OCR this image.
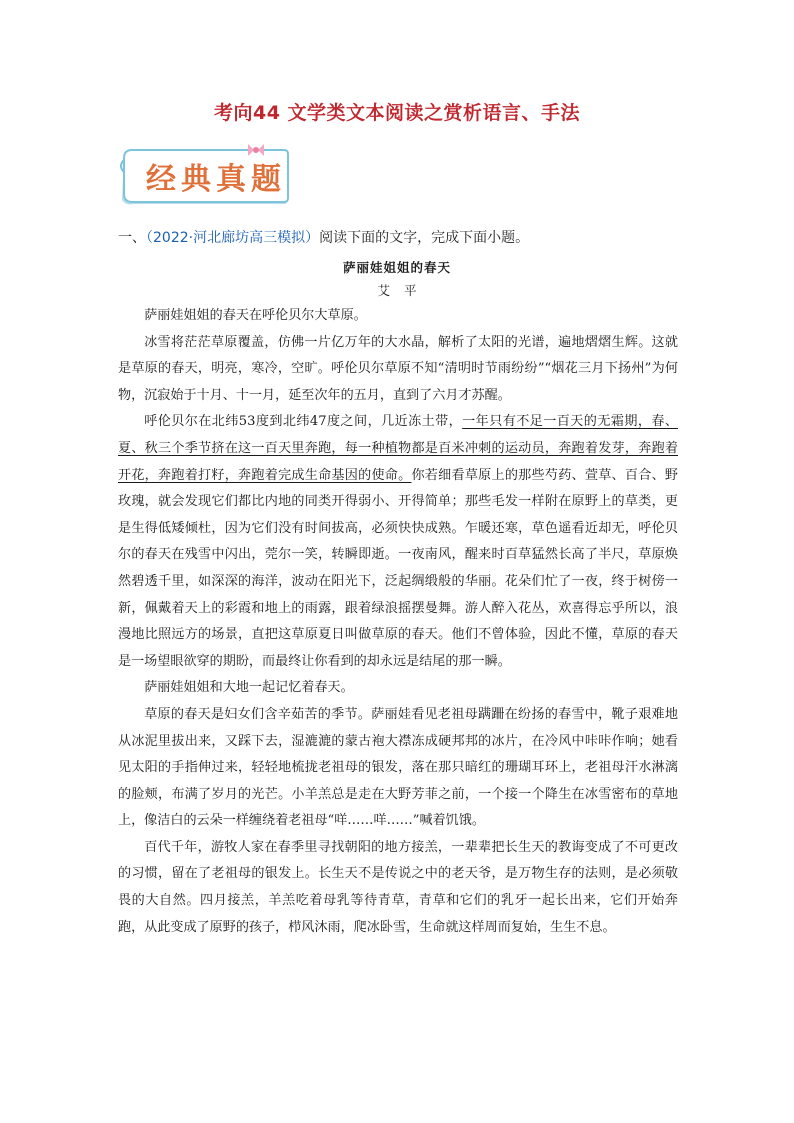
考向44 文学类文本阅读之赏析语言、手法
经典真题
一、（2022·河北廊坊高三模拟）阅读下面的文字，完成下面小题。
萨丽娃姐姐的春天
艾平

萨丽娃姐姐的春天在呼伦贝尔大草原。

冰雪将茫茫草原覆盖，仿佛一片亿万年的大水晶，解析了太阳的光谱，遍地熠熠生辉。这就是草原的春天，明亮，寒冷，空旷。呼伦贝尔草原不知“清明时节雨纷纷”“烟花三月下扬州”为何物，沉寂始于十月、十一月，延至次年的五月，直到了六月才苏醒。

呼伦贝尔在北纬53度到北纬47度之间，几近冻土带，一年只有不足一百天的无霜期，春、夏、秋三个季节挤在这一百天里奔跑，每一种植物都是百米冲刺的运动员，奔跑着发芽，奔跑着开花，奔跑着打籽，奔跑着完成生命基因的使命。你若细看草原上的那些芍药、萱草、百合、野玫瑰，就会发现它们都比内地的同类开得弱小、开得简单；那些毛发一样附在原野上的草类，更是生得低矮倾杜，因为它们没有时间拔高，必须快快成熟。乍暖还寒，草色遥看近却无，呼伦贝尔的春天在残雪中闪出，莞尔一笑，转瞬即逝。一夜南风，醒来时百草猛然长高了半尺，草原焕然碧透千里，如深深的海洋，波动在阳光下，泛起绸缎般的华丽。花朵们忙了一夜，终于树傍一新，佩戴着天上的彩霞和地上的雨露，跟着绿浪摇摆曼舞。游人醉入花丛，欢喜得忘乎所以，浪漫地比照远方的场景，直把这草原夏日叫做草原的春天。他们不曾体验，因此不懂，草原的春天是一场望眼欲穿的期盼，而最终让你看到的却永远是结尾的那一瞬。

萨丽娃姐姐和大地一起记忆着春天。

草原的春天是妇女们含辛茹苦的季节。萨丽娃看见老祖母蹒跚在纷扬的春雪中，靴子艰难地从冰泥里拔出来，又踩下去，湿漉漉的蒙古袍大襟冻成硬邦邦的冰片，在冷风中咔咔作响；她看见太阳的手指伸过来，轻轻地梳拢老祖母的银发，落在那只暗红的珊瑚耳环上，老祖母汗水淋漓的脸颊，布满了岁月的光芒。小羊羔总是走在大野芳菲之前，一个接一个降生在冰雪密布的草地上，像洁白的云朵一样缠绕着老祖母“咩……咩……”喊着饥饿。

百代千年，游牧人家在春季里寻找朝阳的地方接羔，一辈辈把长生天的教诲变成了不可更改的习惯，留在了老祖母的银发上。长生天不是传说之中的老天爷，是万物生存的法则，是必须敬畏的大自然。四月接羔，羊羔吃着母乳等待青草，青草和它们的乳牙一起长出来，它们开始奔跑，从此变成了原野的孩子，栉风沐雨，爬冰卧雪，生命就这样周而复始，生生不息。
